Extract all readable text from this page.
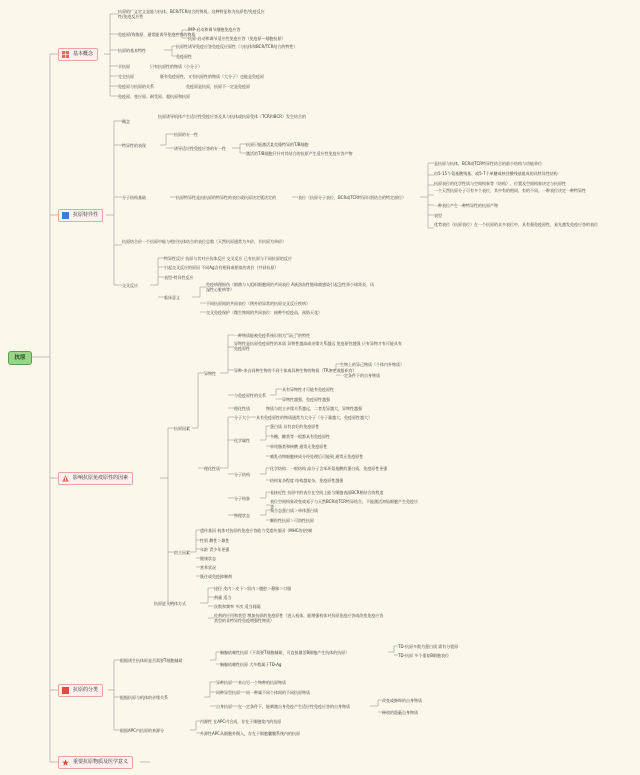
抗原
基本概念
抗原的广义定义是能与抗体、BCR/TCR结合的物质。这种特征称为抗原性/免疫反应性/免疫反应性
免疫原/致敏原，通常能诱导免疫应答的物质
IMP-启动和调节细胞免疫应答
抗原-启动和调节适应性免疫应答（免疫原—细胞抗原）
抗原的基本特性
抗原性诱导免疫应答免疫反应原性（与抗体和BCR/TCR结合的特性）
免疫原性
半抗原	只有抗原性的物质（小分子）
完全抗原	既有免疫原性，又有抗原性的物质（大分子）也能是免疫原
免疫原与抗原的关系	免疫原是抗原，抗原不一定是免疫原
免疫原、变应原、耐受原、超抗原和抗原
抗原特异性
概念
抗原诱导机体产生适应性免疫应答及其与抗体或抗原受体（TCR和BCR）发生结合的
特异性的表现
抗原的专一性
诱导适应性免疫应答的专一性
抗原只能激活某克隆特异的T/B细胞
激活的T/B细胞只针对其结合的抗原产生适应性免疫应答产物
分子结构基础	抗原特异性是由抗原的特异性的表位或抗原决定簇决定的	表位（抗原分子表位，BCR或TCR特异识别结合的特定部位）
是抗原与抗体、BCR或TCR特异性结合的最小结构与功能单位
由5-15个氨基酸残基、或5-7个单糖或核苷酸残基组成的具特异性结构
抗原表位的化学性质与空间构象等（结构）、位置及空间构象决定与抗原性
一个天然抗原分子可有多个表位，其中有的相同，有的不同。一种表位决定一种特异性
一种表位产生一种特异性的抗原产物
表型
优势表位（抗原表位）在一个抗原的众多表位中，具有强免疫原性，易先激发免疫应答的表位
抗原结合价一个抗原中能与相应抗体结合的表位总数（天然抗原通常为多价，半抗原为单价）
交叉反应
特异性反应 抗原与其对应抗体反应 交叉反应 已有抗原与不同抗原的反应
引起交叉反应的原因 不同Ag含有相同或相似的表位（共同抗原）
表型-特异性反应
临床意义
免疫病理损伤（细菌与人组织细胞间的共同表位 A族溶血性链球菌感染引起急性肾小球肾炎、风湿性心脏病等）
不同抗原间的共同表位（例外的异常的抗原交叉反应疾病）
交叉免疫保护（微生物间的共同表位：接种牛痘疫苗，预防天花）
影响抗原免疫原性的因素
抗原因素
异物性
一种物质能被免疫系统识别为“异己”的特性
异物性是抗原免疫原性的本质 异物性越高或亲缘关系越远 免疫原性越强 只有异物才有可能具有免疫原性
异种-来自同种生物的不同个体或异种生物的物质（TR决定或组织有）
生物上的异己物质（个体内外物质）
一定条件下的自身物质
与免疫原性的关系
具有异物性才可能有免疫原性
异物性越强，免疫原性越强
理化性质	物质与宿主亲缘关系越远，二者差异越大，异物性越强
理化性质
分子大小 具有免疫原性的物质通常为大分子（分子量越大，免疫原性越大）
化学属性
蛋白质 具有良好的免疫原性
多糖、糖类等一般都具有免疫原性
单纯脂类和核酸 通常无免疫原性
哺乳动物细胞核成分经处理后可能致 通常无免疫原性
分子结构
化学结构：一般结构 高分子含苯环氨基酸的蛋白质，免疫原性更强
结构复杂程度 结构越复杂，免疫原性越强
分子构象
易接近性 抗原中的表位在空间上能与细胞表面BCR相结合的程度
表位空间构象改变或易于与天然BCR或TCR特异结合、不能激活初始细胞产生免疫应答
物理状态
聚合态蛋白质＞单体蛋白质
颗粒性抗原＞可溶性抗原
宿主因素
遗传基因 机体对抗原的免疫应答能力受遗传基因（MHC的)控制
性别 雌性＞雄性
年龄 青少年更强
健康状态
营养状况
既往或免疫抑制剂
抗原进入机体方式
途径 皮内＞皮下＞肌内＞腹腔＞静脉＞口服
剂量 适当
次数和频率 多次 适当间隔
佐剂的应用和类型 增加抗原的免疫原性（进入机体，能增强机体对抗原免疫应答或改变免疫应答类型的非特异性免疫增强性物质）
抗原的分类
根据诱生抗体时是否需要T细胞辅助
胸腺依赖性抗原（不需要T细胞辅助，可直接激活B细胞产生抗体的抗原）
TD-抗原多数为蛋白质 需有分裂原
TD-抗原 多个重复B细胞表位
胸腺依赖性抗原 大多数属于TD-Ag
根据抗原与机体的亲缘关系
异种抗原 来自另一个物种的抗原物质
同种异型抗原 同一种属不同个体间的不同抗原物质
自身抗原 在一定条件下，能刺激自身免疫产生适应性免疫应答的自身物质
改变或修饰的自身物质
释放的隐蔽自身物质
根据APC内抗原的来源分
内源性 在APC内合成，存在于细胞浆内的抗原
外源性APC从细胞外摄入，存在于细胞囊膜系统内的抗原
重要抗原物质及医学意义
